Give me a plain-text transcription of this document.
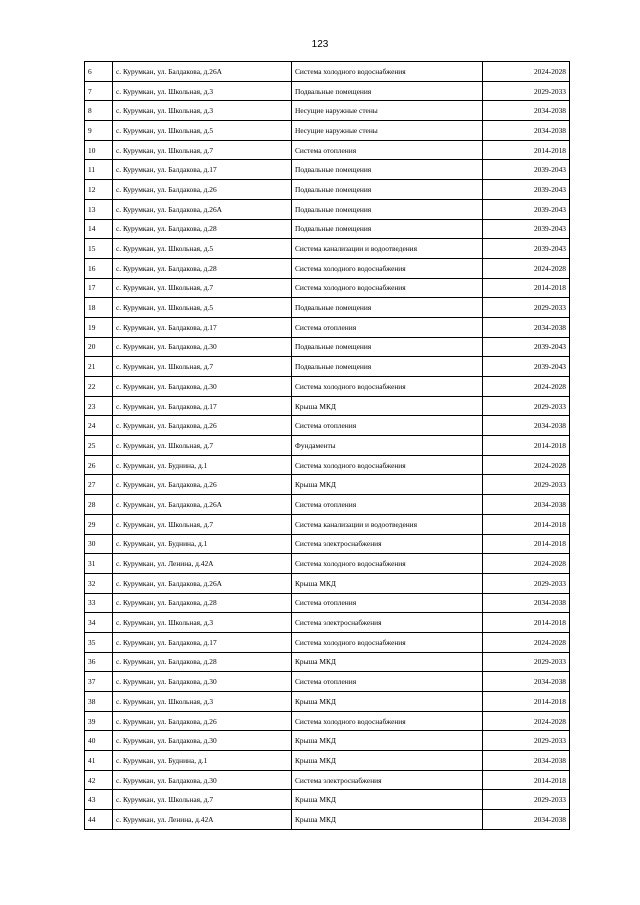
123
6	с. Курумкан, ул. Балдакова, д.26А	Система холодного водоснабжения	2024-2028
7	с. Курумкан, ул. Школьная, д.3	Подвальные помещения	2029-2033
8	с. Курумкан, ул. Школьная, д.3	Несущие наружные стены	2034-2038
9	с. Курумкан, ул. Школьная, д.5	Несущие наружные стены	2034-2038
10	с. Курумкан, ул. Школьная, д.7	Система отопления	2014-2018
11	с. Курумкан, ул. Балдакова, д.17	Подвальные помещения	2039-2043
12	с. Курумкан, ул. Балдакова, д.26	Подвальные помещения	2039-2043
13	с. Курумкан, ул. Балдакова, д.26А	Подвальные помещения	2039-2043
14	с. Курумкан, ул. Балдакова, д.28	Подвальные помещения	2039-2043
15	с. Курумкан, ул. Школьная, д.5	Система канализации и водоотведения	2039-2043
16	с. Курумкан, ул. Балдакова, д.28	Система холодного водоснабжения	2024-2028
17	с. Курумкан, ул. Школьная, д.7	Система холодного водоснабжения	2014-2018
18	с. Курумкан, ул. Школьная, д.5	Подвальные помещения	2029-2033
19	с. Курумкан, ул. Балдакова, д.17	Система отопления	2034-2038
20	с. Курумкан, ул. Балдакова, д.30	Подвальные помещения	2039-2043
21	с. Курумкан, ул. Школьная, д.7	Подвальные помещения	2039-2043
22	с. Курумкан, ул. Балдакова, д.30	Система холодного водоснабжения	2024-2028
23	с. Курумкан, ул. Балдакова, д.17	Крыша МКД	2029-2033
24	с. Курумкан, ул. Балдакова, д.26	Система отопления	2034-2038
25	с. Курумкан, ул. Школьная, д.7	Фундаменты	2014-2018
26	с. Курумкан, ул. Буднина, д.1	Система холодного водоснабжения	2024-2028
27	с. Курумкан, ул. Балдакова, д.26	Крыша МКД	2029-2033
28	с. Курумкан, ул. Балдакова, д.26А	Система отопления	2034-2038
29	с. Курумкан, ул. Школьная, д.7	Система канализации и водоотведения	2014-2018
30	с. Курумкан, ул. Буднина, д.1	Система электроснабжения	2014-2018
31	с. Курумкан, ул. Ленина, д.42А	Система холодного водоснабжения	2024-2028
32	с. Курумкан, ул. Балдакова, д.26А	Крыша МКД	2029-2033
33	с. Курумкан, ул. Балдакова, д.28	Система отопления	2034-2038
34	с. Курумкан, ул. Школьная, д.3	Система электроснабжения	2014-2018
35	с. Курумкан, ул. Балдакова, д.17	Система холодного водоснабжения	2024-2028
36	с. Курумкан, ул. Балдакова, д.28	Крыша МКД	2029-2033
37	с. Курумкан, ул. Балдакова, д.30	Система отопления	2034-2038
38	с. Курумкан, ул. Школьная, д.3	Крыша МКД	2014-2018
39	с. Курумкан, ул. Балдакова, д.26	Система холодного водоснабжения	2024-2028
40	с. Курумкан, ул. Балдакова, д.30	Крыша МКД	2029-2033
41	с. Курумкан, ул. Буднина, д.1	Крыша МКД	2034-2038
42	с. Курумкан, ул. Балдакова, д.30	Система электроснабжения	2014-2018
43	с. Курумкан, ул. Школьная, д.7	Крыша МКД	2029-2033
44	с. Курумкан, ул. Ленина, д.42А	Крыша МКД	2034-2038
